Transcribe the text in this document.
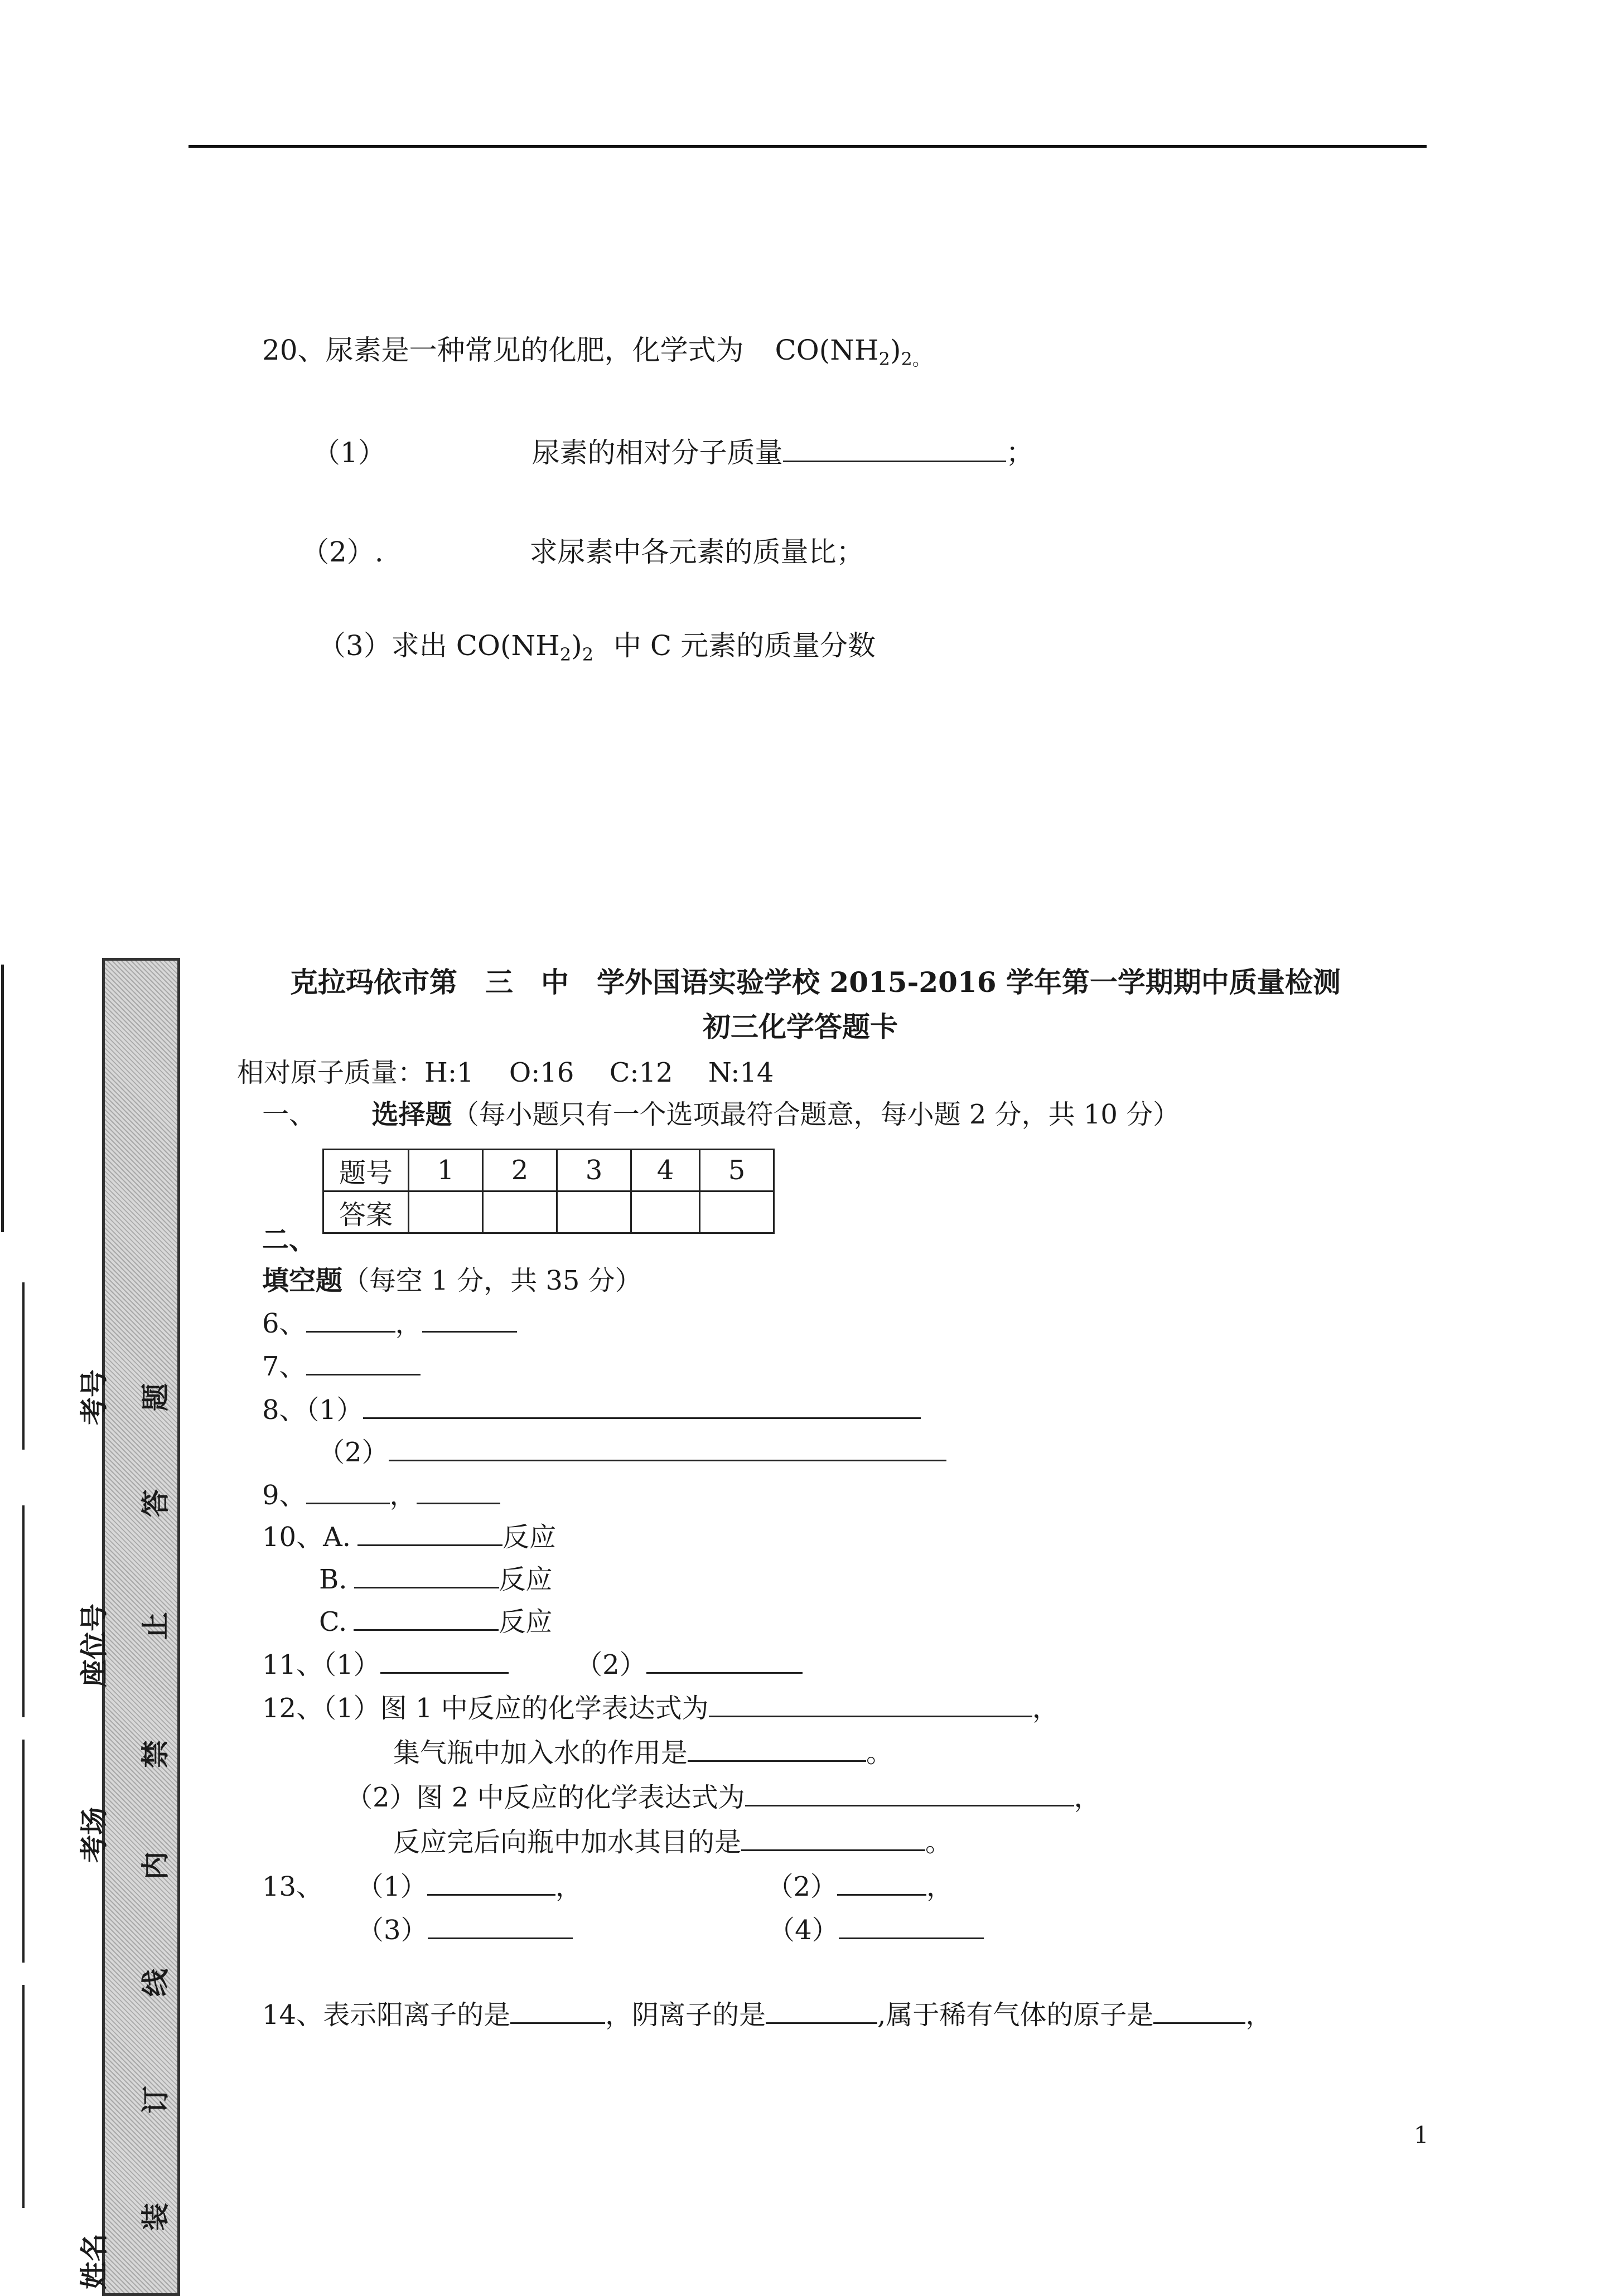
20、尿素是一种常见的化肥，化学式为 $CO(NH_2)_{2。}$
（1）	尿素的相对分子质量	；
（2）.	求尿素中各元素的质量比；
（3）求出 $CO(NH_2)_2$ 中 C 元素的质量分数
题
答
止
禁
内
线
订
装
考号
座位号
考场
姓名
克拉玛依市第　三　中　学外国语实验学校 2015-2016 学年第一学期期中质量检测
初三化学答题卡
相对原子质量：H:1　 O:16　 C:12　 N:14
一、 选择题（每小题只有一个选项最符合题意，每小题 2 分，共 10 分）
题号	1	2	3	4	5
答案					
二、
填空题（每空 1 分，共 35 分）
6、	，
7、
8、（1）
（2）
9、	，
10、A.	反应
B.	反应
C.	反应
11、（1）	（2）
12、（1）图 1 中反应的化学表达式为	，
集气瓶中加入水的作用是	。
（2）图 2 中反应的化学表达式为	，
反应完后向瓶中加水其目的是	。
13、 （1）	，	（2）	，
（3）	（4）
14、表示阳离子的是	，阴离子的是	,属于稀有气体的原子是	，
1
